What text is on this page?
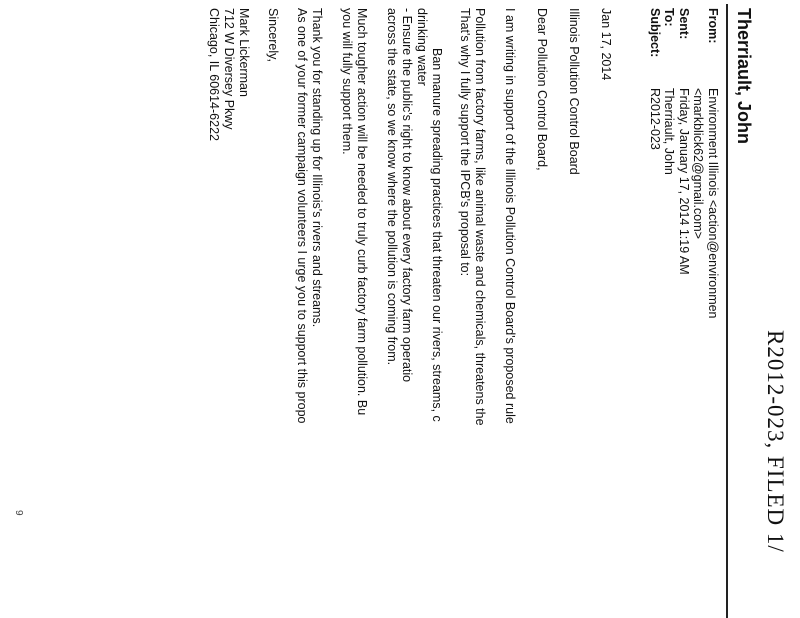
R2012-023, FILED 1/
Therriault, John
From:
Environment Illinois <action@environmen
<markblick62@gmail.com>
Sent:
Friday, January 17, 2014 1:19 AM
To:
Therriault, John
Subject:
R2012-023
Jan 17, 2014
Illinois Pollution Control Board
Dear Pollution Control Board,
I am writing in support of the Illinois Pollution Control Board's proposed rule
Pollution from factory farms, like animal waste and chemicals, threatens the
That's why I fully support the IPCB's proposal to:
Ban manure spreading practices that threaten our rivers, streams, c
drinking water
- Ensure the public's right to know about every factory farm operatio
across the state, so we know where the pollution is coming from.
Much tougher action will be needed to truly curb factory farm pollution. Bu
you will fully support them.
Thank you for standing up for Illinois's rivers and streams.
As one of your former campaign volunteers I urge you to support this propo
Sincerely,
Mark Lickerman
712 W Diversey Pkwy
Chicago, IL 60614-6222
9
